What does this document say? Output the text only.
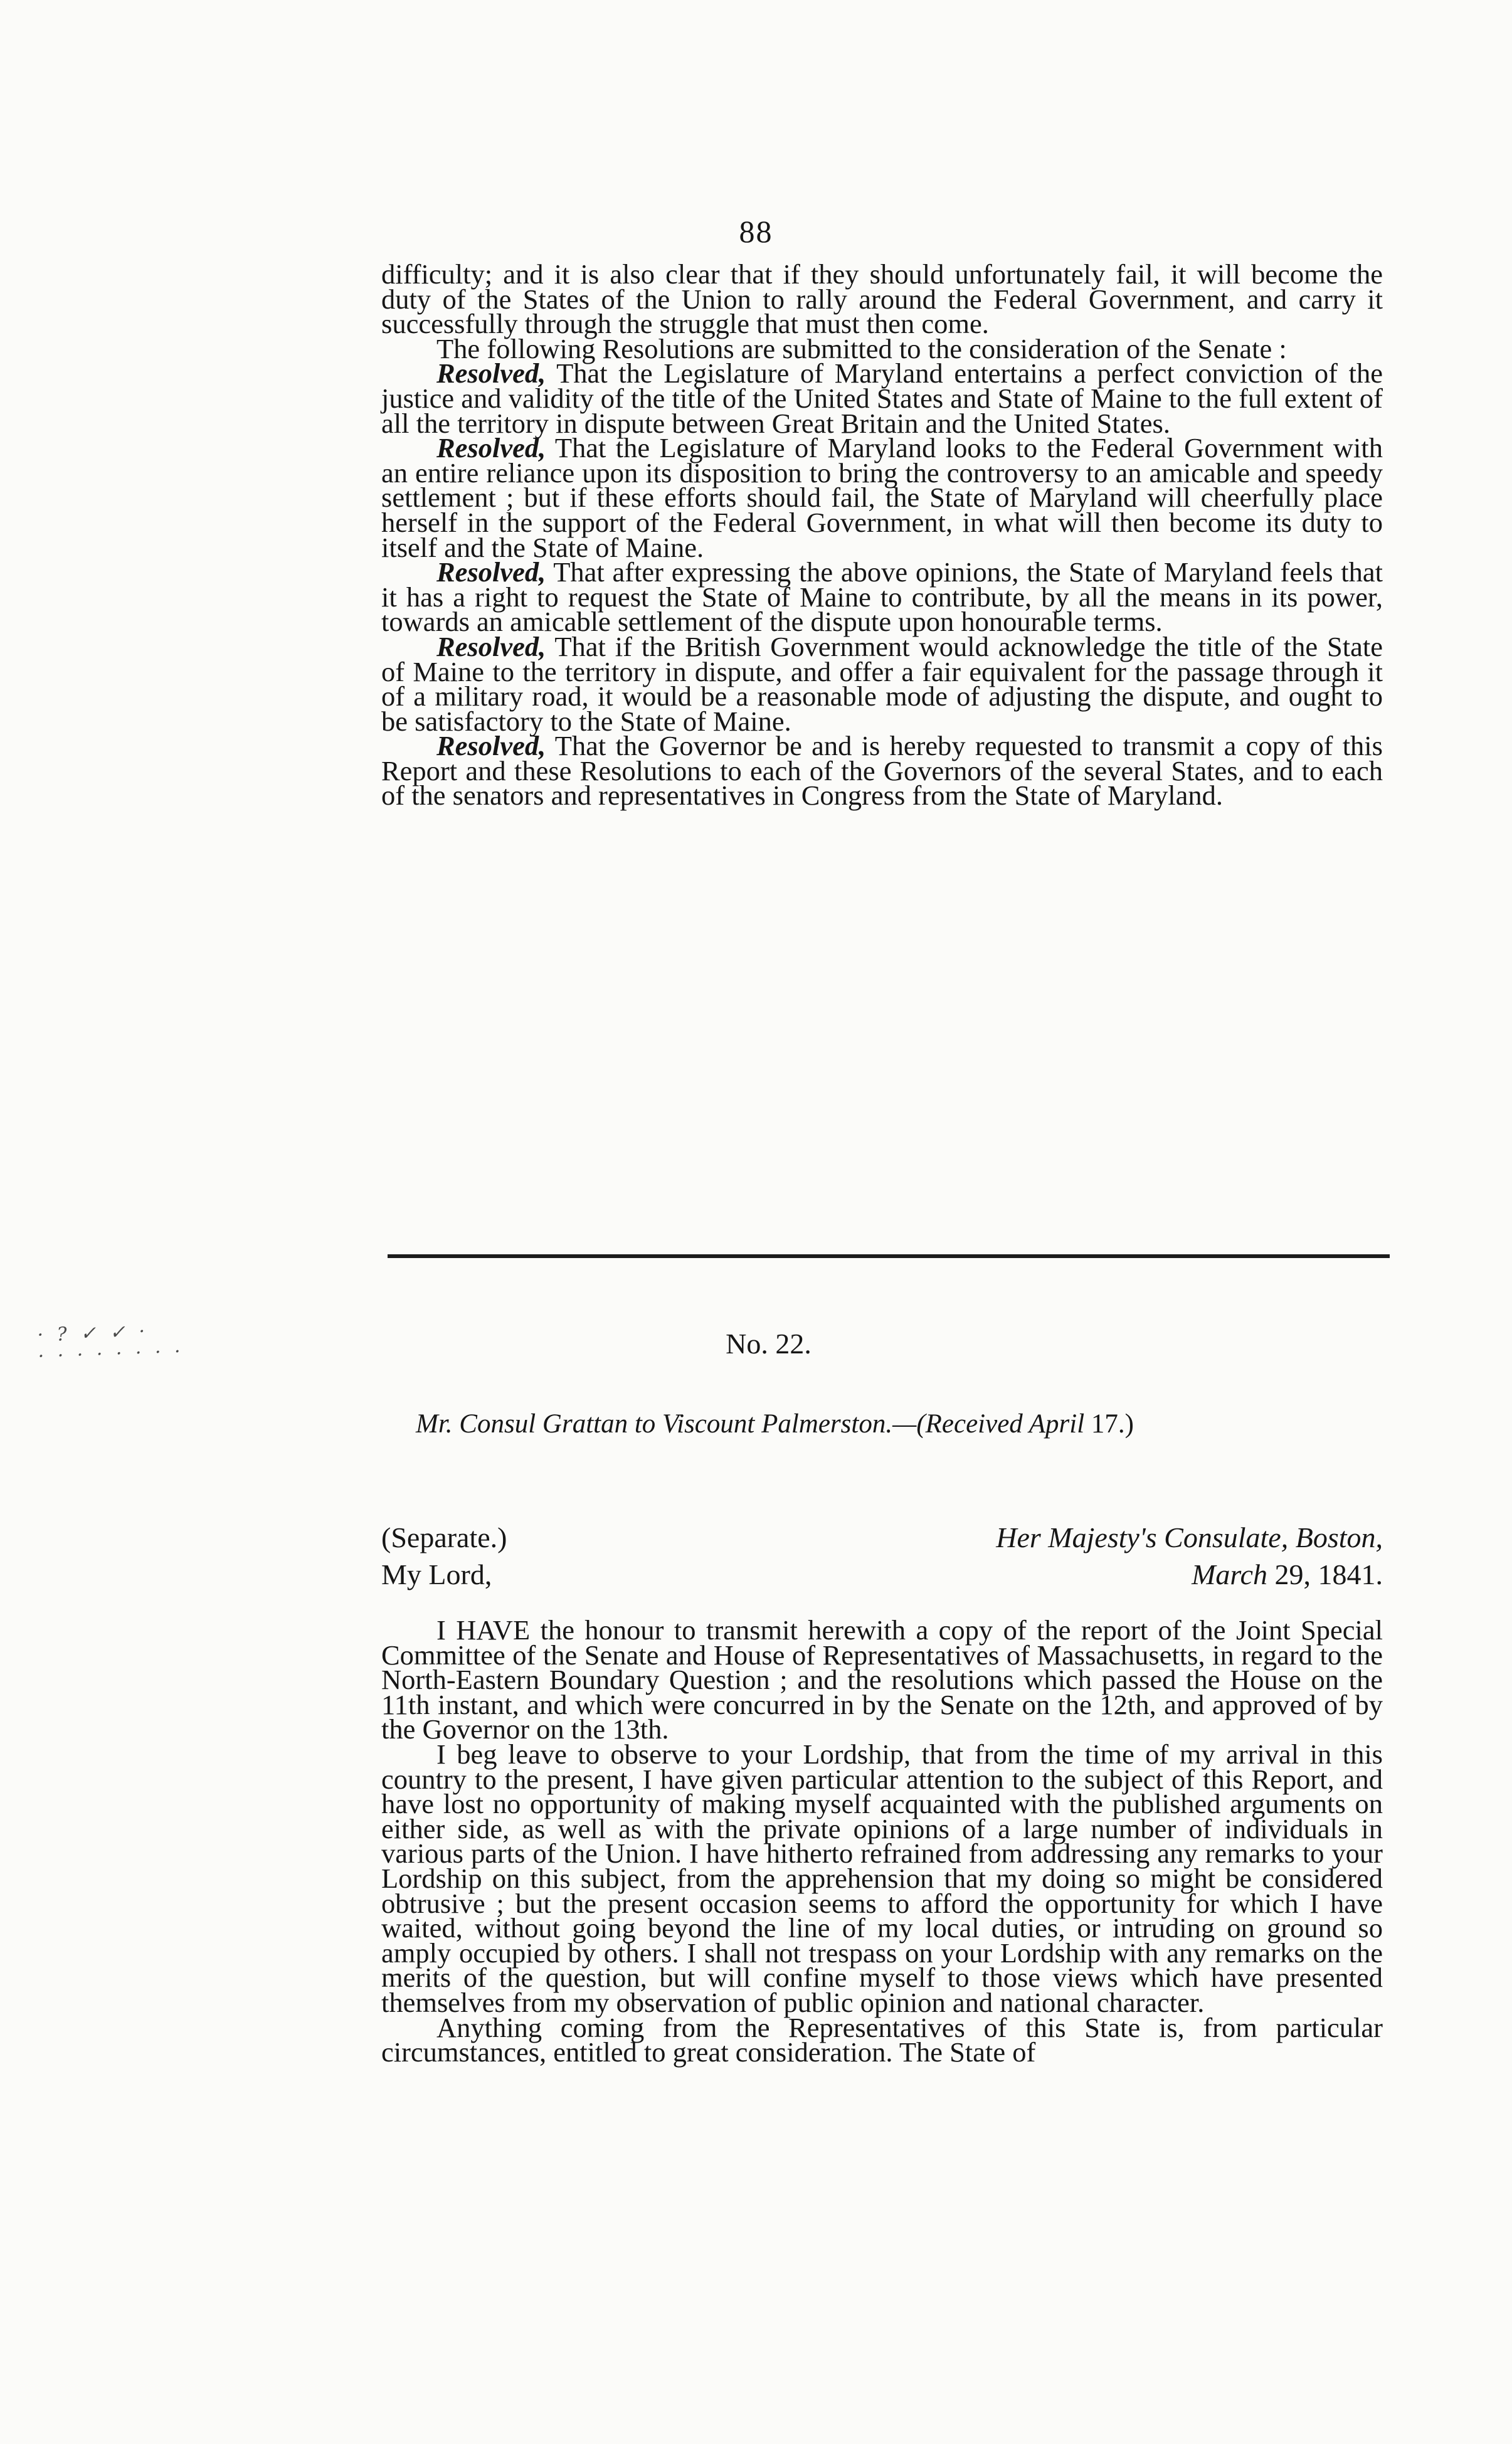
88

difficulty; and it is also clear that if they should unfortunately fail, it will become the duty of the States of the Union to rally around the Federal Government, and carry it successfully through the struggle that must then come.

The following Resolutions are submitted to the consideration of the Senate :

Resolved, That the Legislature of Maryland entertains a perfect conviction of the justice and validity of the title of the United States and State of Maine to the full extent of all the territory in dispute between Great Britain and the United States.

Resolved, That the Legislature of Maryland looks to the Federal Government with an entire reliance upon its disposition to bring the controversy to an amicable and speedy settlement ; but if these efforts should fail, the State of Maryland will cheerfully place herself in the support of the Federal Government, in what will then become its duty to itself and the State of Maine.

Resolved, That after expressing the above opinions, the State of Maryland feels that it has a right to request the State of Maine to contribute, by all the means in its power, towards an amicable settlement of the dispute upon honourable terms.

Resolved, That if the British Government would acknowledge the title of the State of Maine to the territory in dispute, and offer a fair equivalent for the passage through it of a military road, it would be a reasonable mode of adjusting the dispute, and ought to be satisfactory to the State of Maine.

Resolved, That the Governor be and is hereby requested to transmit a copy of this Report and these Resolutions to each of the Governors of the several States, and to each of the senators and representatives in Congress from the State of Maryland.

· ? ✓ ✓ ·
· · · · · · · ·	No. 22.
Mr. Consul Grattan to Viscount Palmerston.—(Received April 17.)
(Separate.)	Her Majesty's Consulate, Boston,
My Lord,	March 29, 1841.

I HAVE the honour to transmit herewith a copy of the report of the Joint Special Committee of the Senate and House of Representatives of Massachusetts, in regard to the North-Eastern Boundary Question ; and the resolutions which passed the House on the 11th instant, and which were concurred in by the Senate on the 12th, and approved of by the Governor on the 13th.

I beg leave to observe to your Lordship, that from the time of my arrival in this country to the present, I have given particular attention to the subject of this Report, and have lost no opportunity of making myself acquainted with the published arguments on either side, as well as with the private opinions of a large number of individuals in various parts of the Union. I have hitherto refrained from addressing any remarks to your Lordship on this subject, from the apprehension that my doing so might be considered obtrusive ; but the present occasion seems to afford the opportunity for which I have waited, without going beyond the line of my local duties, or intruding on ground so amply occupied by others. I shall not trespass on your Lordship with any remarks on the merits of the question, but will confine myself to those views which have presented themselves from my observation of public opinion and national character.

Anything coming from the Representatives of this State is, from particular circumstances, entitled to great consideration. The State of
